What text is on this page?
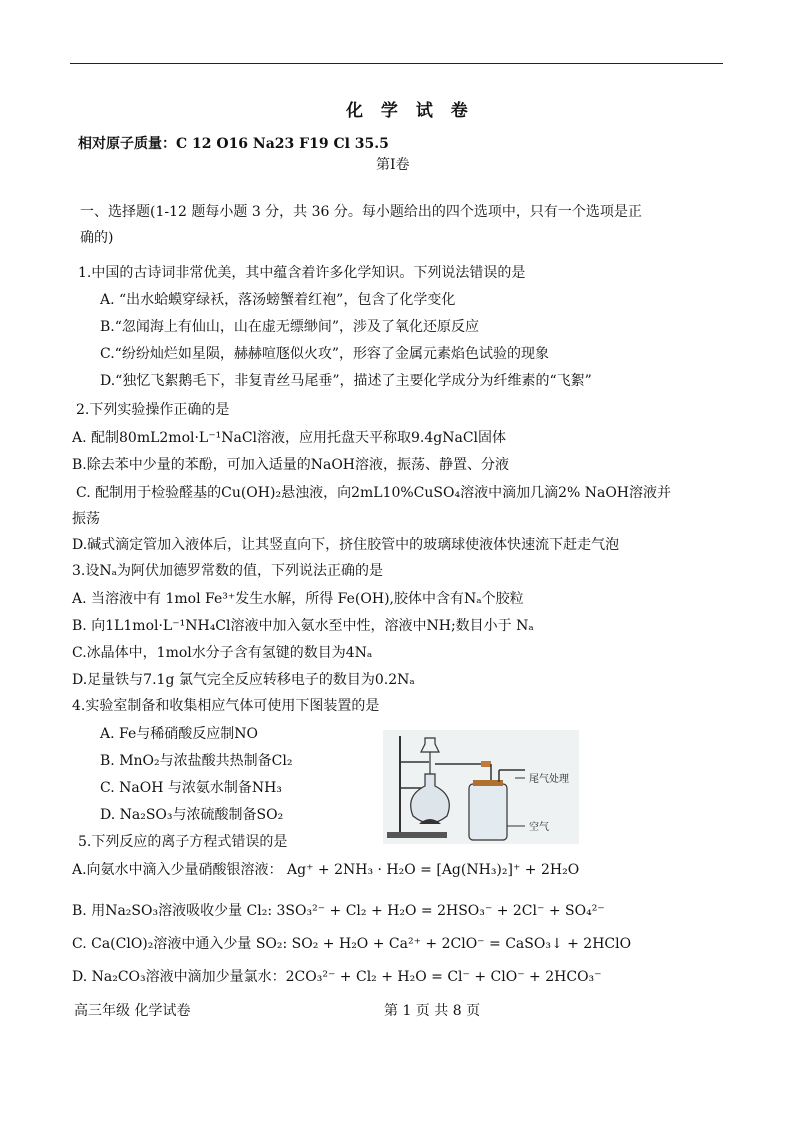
化 学 试 卷
相对原子质量：C 12 O16 Na23 F19 Cl 35.5
第Ⅰ卷
一、选择题(1-12 题每小题 3 分，共 36 分。每小题给出的四个选项中，只有一个选项是正
确的)
1.中国的古诗词非常优美，其中蕴含着许多化学知识。下列说法错误的是
A. “出水蛤蟆穿绿袄，落汤螃蟹着红袍”，包含了化学变化
B.“忽闻海上有仙山，山在虚无缥缈间”，涉及了氧化还原反应
C.“纷纷灿烂如星陨，赫赫喧豗似火攻”，形容了金属元素焰色试验的现象
D.“独忆飞絮鹅毛下，非复青丝马尾垂”，描述了主要化学成分为纤维素的“飞絮”
2.下列实验操作正确的是
A. 配制80mL2mol·L⁻¹NaCl溶液，应用托盘天平称取9.4gNaCl固体
B.除去苯中少量的苯酚，可加入适量的NaOH溶液，振荡、静置、分液
C. 配制用于检验醛基的Cu(OH)₂悬浊液，向2mL10%CuSO₄溶液中滴加几滴2% NaOH溶液并
振荡
D.碱式滴定管加入液体后，让其竖直向下，挤住胶管中的玻璃球使液体快速流下赶走气泡
3.设Nₐ为阿伏加德罗常数的值，下列说法正确的是
A. 当溶液中有 1mol Fe³⁺发生水解，所得 Fe(OH),胶体中含有Nₐ个胶粒
B. 向1L1mol·L⁻¹NH₄Cl溶液中加入氨水至中性，溶液中NH;数目小于 Nₐ
C.冰晶体中，1mol水分子含有氢键的数目为4Nₐ
D.足量铁与7.1g 氯气完全反应转移电子的数目为0.2Nₐ
4.实验室制备和收集相应气体可使用下图装置的是
A. Fe与稀硝酸反应制NO
B. MnO₂与浓盐酸共热制备Cl₂
C. NaOH 与浓氨水制备NH₃
D. Na₂SO₃与浓硫酸制备SO₂
尾气处理
空气
5.下列反应的离子方程式错误的是
A.向氨水中滴入少量硝酸银溶液： Ag⁺ + 2NH₃ · H₂O = [Ag(NH₃)₂]⁺ + 2H₂O
B. 用Na₂SO₃溶液吸收少量 Cl₂: 3SO₃²⁻ + Cl₂ + H₂O = 2HSO₃⁻ + 2Cl⁻ + SO₄²⁻
C. Ca(ClO)₂溶液中通入少量 SO₂: SO₂ + H₂O + Ca²⁺ + 2ClO⁻ = CaSO₃↓ + 2HClO
D. Na₂CO₃溶液中滴加少量氯水：2CO₃²⁻ + Cl₂ + H₂O = Cl⁻ + ClO⁻ + 2HCO₃⁻
高三年级 化学试卷	第 1 页 共 8 页
